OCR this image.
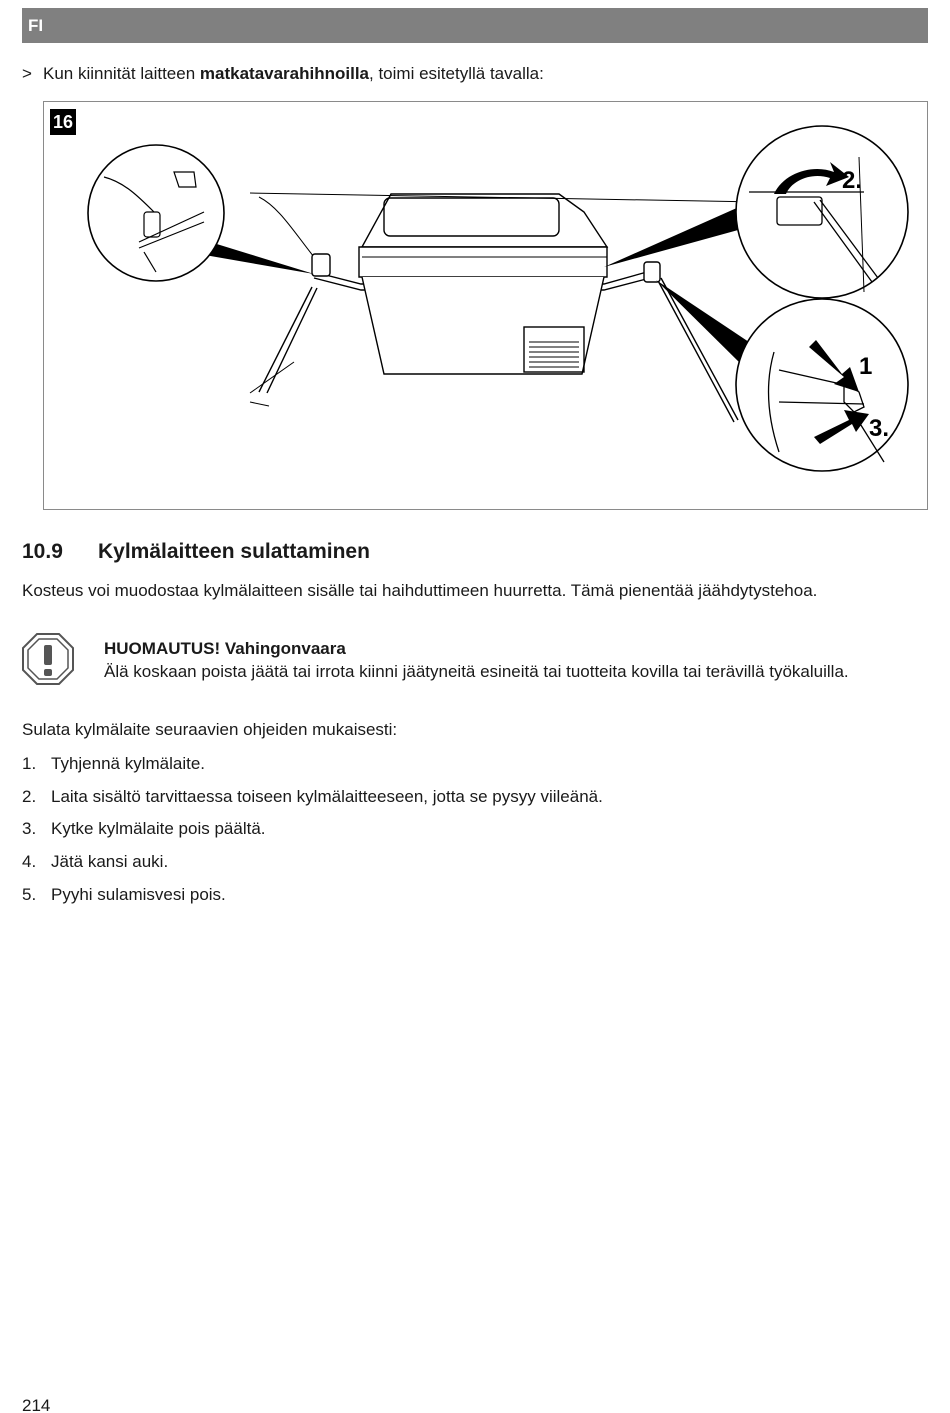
FI
> Kun kiinnität laitteen matkatavarahihnoilla, toimi esitetyllä tavalla:
2.
1
3.
16
10.9 Kylmälaitteen sulattaminen
Kosteus voi muodostaa kylmälaitteen sisälle tai haihduttimeen huurretta. Tämä pienentää jäähdytystehoa.
HUOMAUTUS! Vahingonvaara
Älä koskaan poista jäätä tai irrota kiinni jäätyneitä esineitä tai tuotteita kovilla tai terävillä työkaluilla.
Sulata kylmälaite seuraavien ohjeiden mukaisesti:
1. Tyhjennä kylmälaite.
2. Laita sisältö tarvittaessa toiseen kylmälaitteeseen, jotta se pysyy viileänä.
3. Kytke kylmälaite pois päältä.
4. Jätä kansi auki.
5. Pyyhi sulamisvesi pois.
214
